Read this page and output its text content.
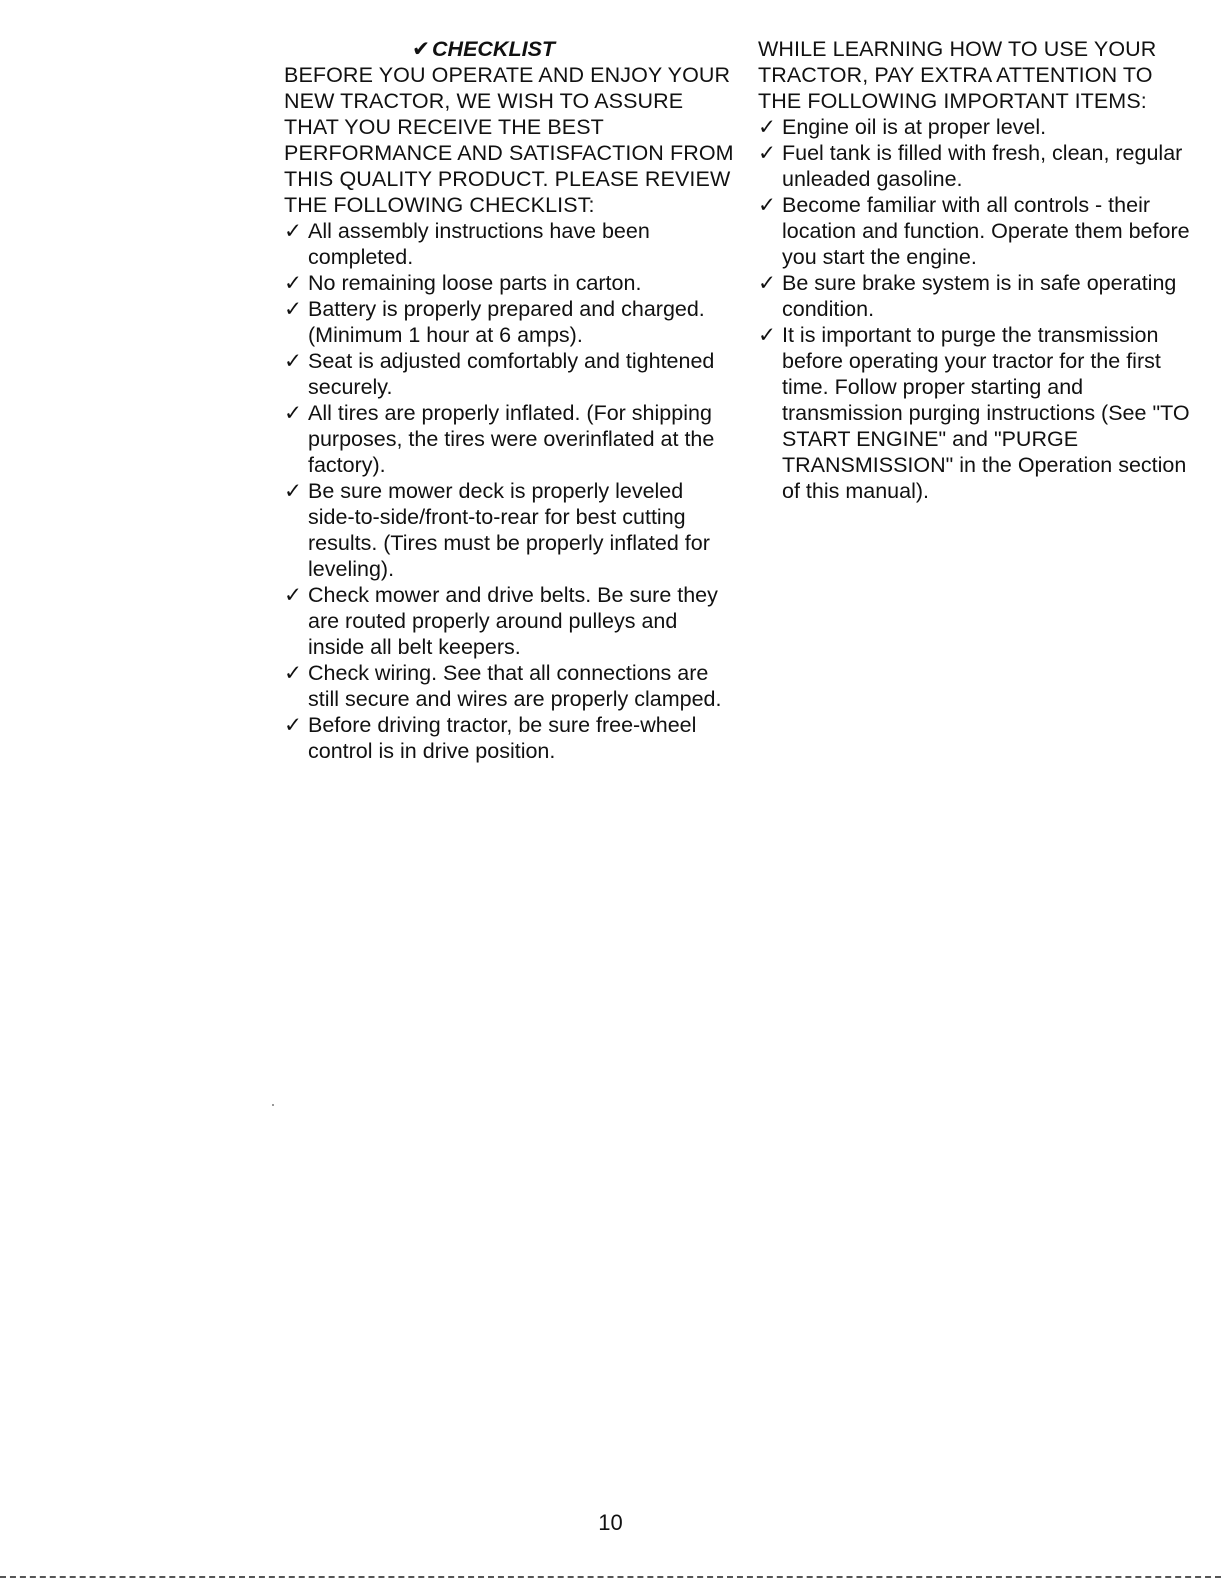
✔CHECKLIST

BEFORE YOU OPERATE AND ENJOY YOUR NEW TRACTOR, WE WISH TO ASSURE THAT YOU RECEIVE THE BEST PERFORMANCE AND SATISFACTION FROM THIS QUALITY PRODUCT. PLEASE REVIEW THE FOLLOWING CHECKLIST:

✓ All assembly instructions have been completed.
✓ No remaining loose parts in carton.
✓ Battery is properly prepared and charged. (Minimum 1 hour at 6 amps).
✓ Seat is adjusted comfortably and tightened securely.
✓ All tires are properly inflated. (For shipping purposes, the tires were overinflated at the factory).
✓ Be sure mower deck is properly leveled side-to-side/front-to-rear for best cutting results. (Tires must be properly inflated for leveling).
✓ Check mower and drive belts. Be sure they are routed properly around pulleys and inside all belt keepers.
✓ Check wiring. See that all connections are still secure and wires are properly clamped.
✓ Before driving tractor, be sure free-wheel control is in drive position.

WHILE LEARNING HOW TO USE YOUR TRACTOR, PAY EXTRA ATTENTION TO THE FOLLOWING IMPORTANT ITEMS:

✓ Engine oil is at proper level.
✓ Fuel tank is filled with fresh, clean, regular unleaded gasoline.
✓ Become familiar with all controls - their location and function. Operate them before you start the engine.
✓ Be sure brake system is in safe operating condition.
✓ It is important to purge the transmission before operating your tractor for the first time. Follow proper starting and transmission purging instructions (See "TO START ENGINE" and "PURGE TRANSMISSION" in the Operation section of this manual).
10
